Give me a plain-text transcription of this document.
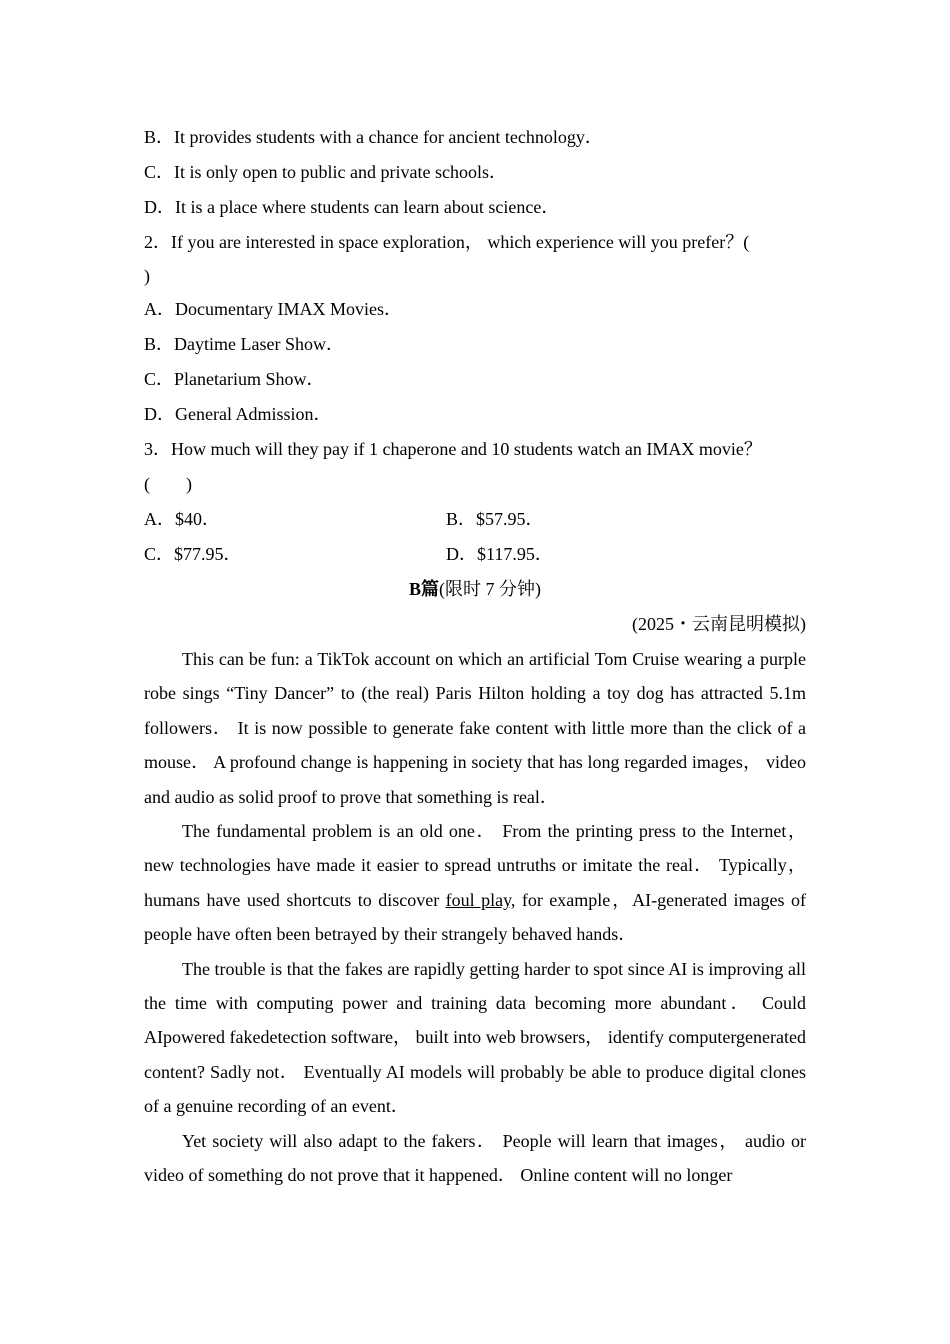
B．It provides students with a chance for ancient technology．
C．It is only open to public and private schools．
D．It is a place where students can learn about science．
2．If you are interested in space exploration， which experience will you prefer？(
)
A．Documentary IMAX Movies．
B．Daytime Laser Show．
C．Planetarium Show．
D．General Admission．
3．How much will they pay if 1 chaperone and 10 students watch an IMAX movie？
(　　)
A．$40．	B．$57.95．
C．$77.95．	D．$117.95．
B篇(限时 7 分钟)
(2025・云南昆明模拟)

This can be fun: a TikTok account on which an artificial Tom Cruise wearing a purple robe sings “Tiny Dancer” to (the real) Paris Hilton holding a toy dog has attracted 5.1m followers． It is now possible to generate fake content with little more than the click of a mouse． A profound change is happening in society that has long regarded images， video and audio as solid proof to prove that something is real．

The fundamental problem is an old one． From the printing press to the Internet， new technologies have made it easier to spread untruths or imitate the real． Typically，humans have used shortcuts to discover foul play, for example，AI-generated images of people have often been betrayed by their strangely behaved hands．

The trouble is that the fakes are rapidly getting harder to spot since AI is improving all the time with computing power and training data becoming more abundant． Could AIpowered fakedetection software， built into web browsers， identify computergenerated content? Sadly not． Eventually AI models will probably be able to produce digital clones of a genuine recording of an event．

Yet society will also adapt to the fakers． People will learn that images， audio or video of something do not prove that it happened． Online content will no longer
